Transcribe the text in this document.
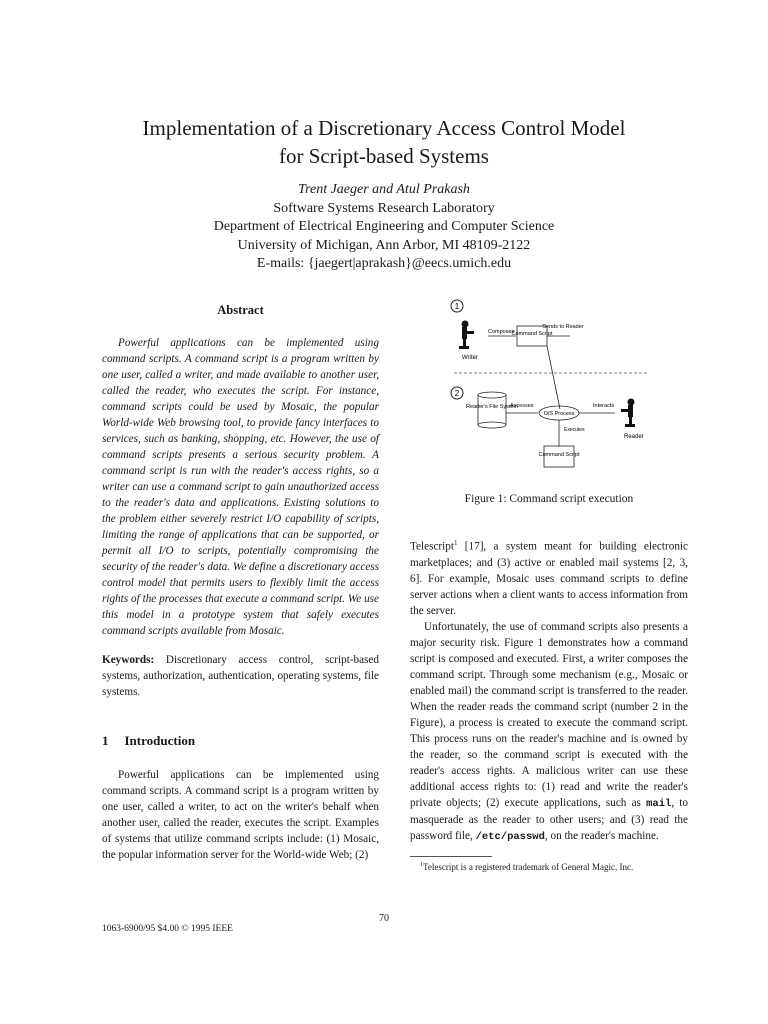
Implementation of a Discretionary Access Control Model
for Script-based Systems
Trent Jaeger and Atul Prakash
Software Systems Research Laboratory
Department of Electrical Engineering and Computer Science
University of Michigan, Ann Arbor, MI 48109-2122
E-mails: {jaegert|aprakash}@eecs.umich.edu
Abstract
Powerful applications can be implemented using command scripts. A command script is a program written by one user, called a writer, and made available to another user, called the reader, who executes the script. For instance, command scripts could be used by Mosaic, the popular World-wide Web browsing tool, to provide fancy interfaces to services, such as banking, shopping, etc. However, the use of command scripts presents a serious security problem. A command script is run with the reader's access rights, so a writer can use a command script to gain unauthorized access to the reader's data and applications. Existing solutions to the problem either severely restrict I/O capability of scripts, limiting the range of applications that can be supported, or permit all I/O to scripts, potentially compromising the security of the reader's data. We define a discretionary access control model that permits users to flexibly limit the access rights of the processes that execute a command script. We use this model in a prototype system that safely executes command scripts available from Mosaic.
Keywords: Discretionary access control, script-based systems, authorization, authentication, operating systems, file systems.
1 Introduction
Powerful applications can be implemented using command scripts. A command script is a program written by one user, called a writer, to act on the writer's behalf when another user, called the reader, executes the script. Examples of systems that utilize command scripts include: (1) Mosaic, the popular information server for the World-wide Web; (2)
1
Writer
Composes
Command Script
Sends to Reader
2
Reader's File System
Accesses
O/S Process
Interacts
Reader
Executes
Command Script
Figure 1: Command script execution

Telescript$^1$ [17], a system meant for building electronic marketplaces; and (3) active or enabled mail systems [2, 3, 6]. For example, Mosaic uses command scripts to define server actions when a client wants to access information from the server.

Unfortunately, the use of command scripts also presents a major security risk. Figure 1 demonstrates how a command script is composed and executed. First, a writer composes the command script. Through some mechanism (e.g., Mosaic or enabled mail) the command script is transferred to the reader. When the reader reads the command script (number 2 in the Figure), a process is created to execute the command script. This process runs on the reader's machine and is owned by the reader, so the command script is executed with the reader's access rights. A malicious writer can use these additional access rights to: (1) read and write the reader's private objects; (2) execute applications, such as mail, to masquerade as the reader to other users; and (3) read the password file, /etc/passwd, on the reader's machine.

$^1$Telescript is a registered trademark of General Magic, Inc.
70
1063-6900/95 $4.00 © 1995 IEEE
